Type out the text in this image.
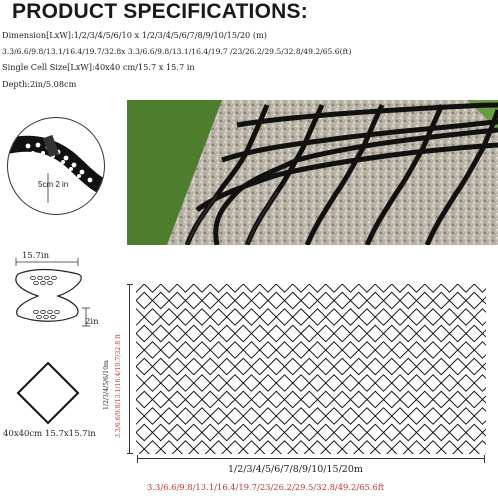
PRODUCT SPECIFICATIONS:
Dimension[LxW]:1/2/3/4/5/6/10 x 1/2/3/4/5/6/7/8/9/10/15/20 (m)
3.3/6.6/9.8/13.1/16.4/19.7/32.8x 3.3/6.6/9.8/13.1/16.4/19.7 /23/26.2/29.5/32.8/49.2/65.6(ft)
Single Cell Size[LxW]:40x40 cm/15.7 x 15.7 in
Depth:2in/5.08cm
5cm 2 in
15.7in
2in
40x40cm 15.7x15.7in
1/2/3/4/5/6/10m 3.3/6.6/9.8/13.1/16.4/19.7/32.8 ft
1/2/3/4/5/6/7/8/9/10/15/20m
3.3/6.6/9.8/13.1/16.4/19.7/23/26.2/29.5/32.8/49.2/65.6ft
